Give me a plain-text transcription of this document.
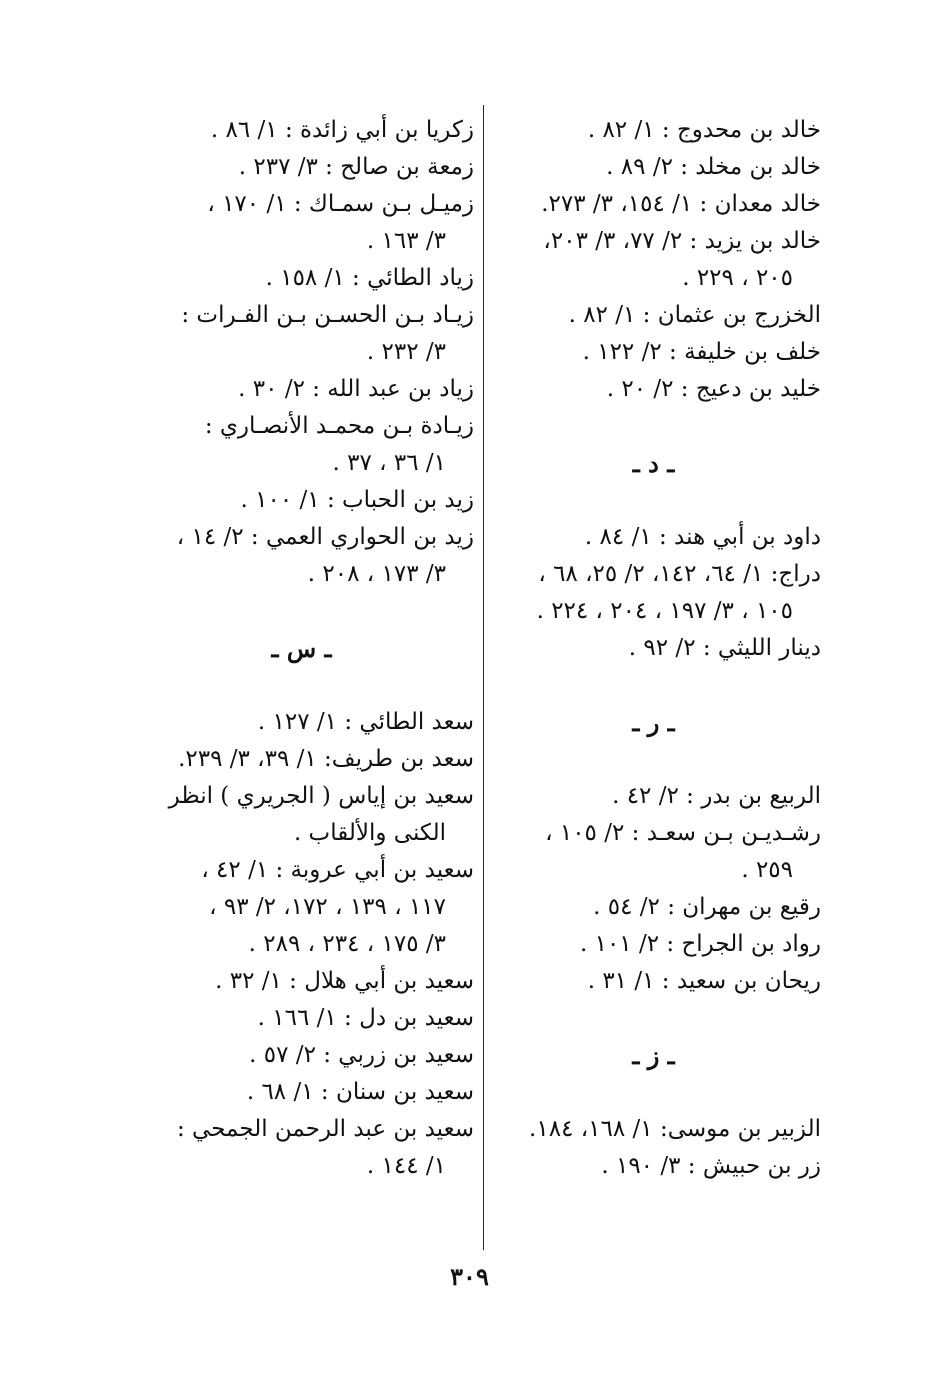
خالد بن محدوج : ١/ ٨٢ .
خالد بن مخلد : ٢/ ٨٩ .
خالد معدان : ١/ ١٥٤، ٣/ ٢٧٣.
خالد بن يزيد : ٢/ ٧٧، ٣/ ٢٠٣،
٢٠٥ ، ٢٢٩ .
الخزرج بن عثمان : ١/ ٨٢ .
خلف بن خليفة : ٢/ ١٢٢ .
خليد بن دعيج : ٢/ ٢٠ .
ـ د ـ
داود بن أبي هند : ١/ ٨٤ .
دراج: ١/ ٦٤، ١٤٢، ٢/ ٢٥، ٦٨ ،
١٠٥ ، ٣/ ١٩٧ ، ٢٠٤ ، ٢٢٤ .
دينار الليثي : ٢/ ٩٢ .
ـ ر ـ
الربيع بن بدر : ٢/ ٤٢ .
رشـديـن بـن سعـد : ٢/ ١٠٥ ،
٢٥٩ .
رقيع بن مهران : ٢/ ٥٤ .
رواد بن الجراح : ٢/ ١٠١ .
ريحان بن سعيد : ١/ ٣١ .
ـ ز ـ
الزبير بن موسى: ١/ ١٦٨، ١٨٤.
زر بن حبيش : ٣/ ١٩٠ .
زكريا بن أبي زائدة : ١/ ٨٦ .
زمعة بن صالح : ٣/ ٢٣٧ .
زميـل بـن سمـاك : ١/ ١٧٠ ،
٣/ ١٦٣ .
زياد الطائي : ١/ ١٥٨ .
زيـاد بـن الحسـن بـن الفـرات :
٣/ ٢٣٢ .
زياد بن عبد الله : ٢/ ٣٠ .
زيـادة بـن محمـد الأنصـاري :
١/ ٣٦ ، ٣٧ .
زيد بن الحباب : ١/ ١٠٠ .
زيد بن الحواري العمي : ٢/ ١٤ ،
٣/ ١٧٣ ، ٢٠٨ .
ـ س ـ
سعد الطائي : ١/ ١٢٧ .
سعد بن طريف: ١/ ٣٩، ٣/ ٢٣٩.
سعيد بن إياس ( الجريري ) انظر
الكنى والألقاب .
سعيد بن أبي عروبة : ١/ ٤٢ ،
١١٧ ، ١٣٩ ، ١٧٢، ٢/ ٩٣ ،
٣/ ١٧٥ ، ٢٣٤ ، ٢٨٩ .
سعيد بن أبي هلال : ١/ ٣٢ .
سعيد بن دل : ١/ ١٦٦ .
سعيد بن زربي : ٢/ ٥٧ .
سعيد بن سنان : ١/ ٦٨ .
سعيد بن عبد الرحمن الجمحي :
١/ ١٤٤ .
٣٠٩
